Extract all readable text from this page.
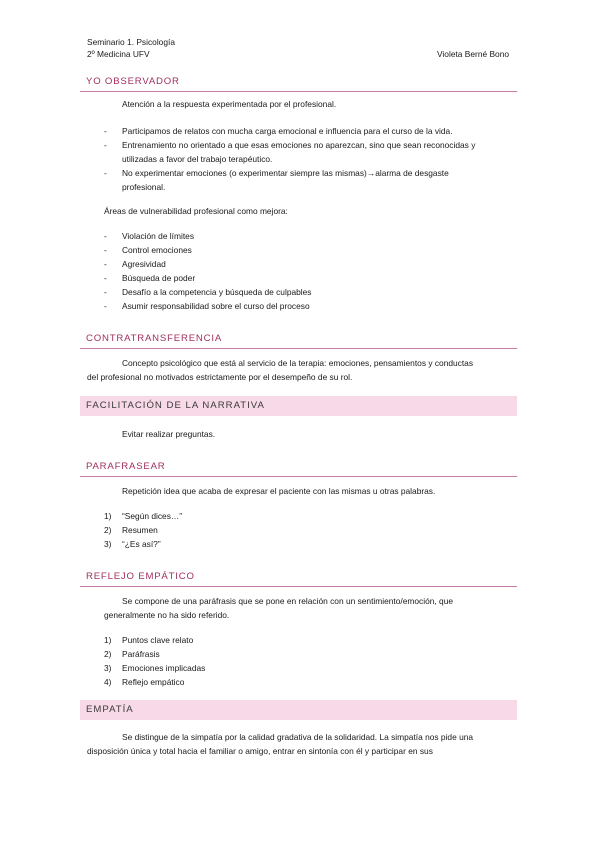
Seminario 1. Psicología
2º Medicina UFV	Violeta Berné Bono
YO OBSERVADOR
Atención a la respuesta experimentada por el profesional.
- Participamos de relatos con mucha carga emocional e influencia para el curso de la vida.
- Entrenamiento no orientado a que esas emociones no aparezcan, sino que sean reconocidas y
utilizadas a favor del trabajo terapéutico.
- No experimentar emociones (o experimentar siempre las mismas)→alarma de desgaste
profesional.
Áreas de vulnerabilidad profesional como mejora:
- Violación de límites
- Control emociones
- Agresividad
- Búsqueda de poder
- Desafío a la competencia y búsqueda de culpables
- Asumir responsabilidad sobre el curso del proceso
CONTRATRANSFERENCIA
Concepto psicológico que está al servicio de la terapia: emociones, pensamientos y conductas
del profesional no motivados estrictamente por el desempeño de su rol.
FACILITACIÓN DE LA NARRATIVA
Evitar realizar preguntas.
PARAFRASEAR
Repetición idea que acaba de expresar el paciente con las mismas u otras palabras.
1) “Según dices…”
2) Resumen
3) “¿Es así?”
REFLEJO EMPÁTICO
Se compone de una paráfrasis que se pone en relación con un sentimiento/emoción, que
generalmente no ha sido referido.
1) Puntos clave relato
2) Paráfrasis
3) Emociones implicadas
4) Reflejo empático
EMPATÍA
Se distingue de la simpatía por la calidad gradativa de la solidaridad. La simpatía nos pide una
disposición única y total hacia el familiar o amigo, entrar en sintonía con él y participar en sus
